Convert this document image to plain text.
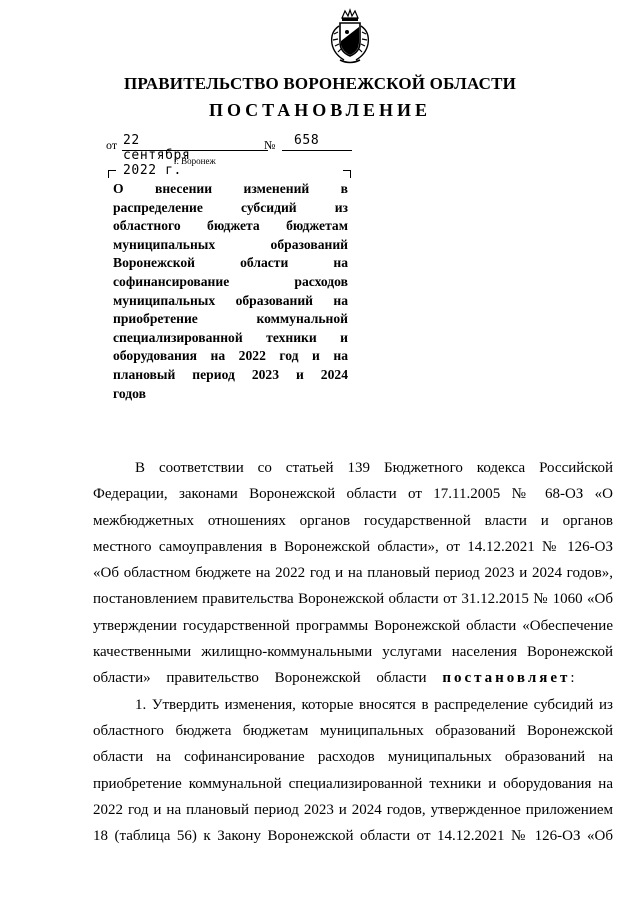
ПРАВИТЕЛЬСТВО ВОРОНЕЖСКОЙ ОБЛАСТИ
ПОСТАНОВЛЕНИЕ
от 22 сентября 2022 г.
№ 658
г. Воронеж
О внесении изменений в
распределение субсидий из
областного бюджета бюджетам
муниципальных образований
Воронежской области на
софинансирование расходов
муниципальных образований на
приобретение коммунальной
специализированной техники и
оборудования на 2022 год и на
плановый период 2023 и 2024
годов
В соответствии со статьей 139 Бюджетного кодекса Российской
Федерации, законами Воронежской области от 17.11.2005 № 68-ОЗ «О
межбюджетных отношениях органов государственной власти и органов
местного самоуправления в Воронежской области», от 14.12.2021 № 126-ОЗ
«Об областном бюджете на 2022 год и на плановый период 2023 и 2024 годов»,
постановлением правительства Воронежской области от 31.12.2015 № 1060 «Об
утверждении государственной программы Воронежской области «Обеспечение
качественными жилищно-коммунальными услугами населения Воронежской
области» правительство Воронежской области постановляет:
1. Утвердить изменения, которые вносятся в распределение субсидий из
областного бюджета бюджетам муниципальных образований Воронежской
области на софинансирование расходов муниципальных образований на
приобретение коммунальной специализированной техники и оборудования на
2022 год и на плановый период 2023 и 2024 годов, утвержденное приложением
18 (таблица 56) к Закону Воронежской области от 14.12.2021 № 126-ОЗ «Об
